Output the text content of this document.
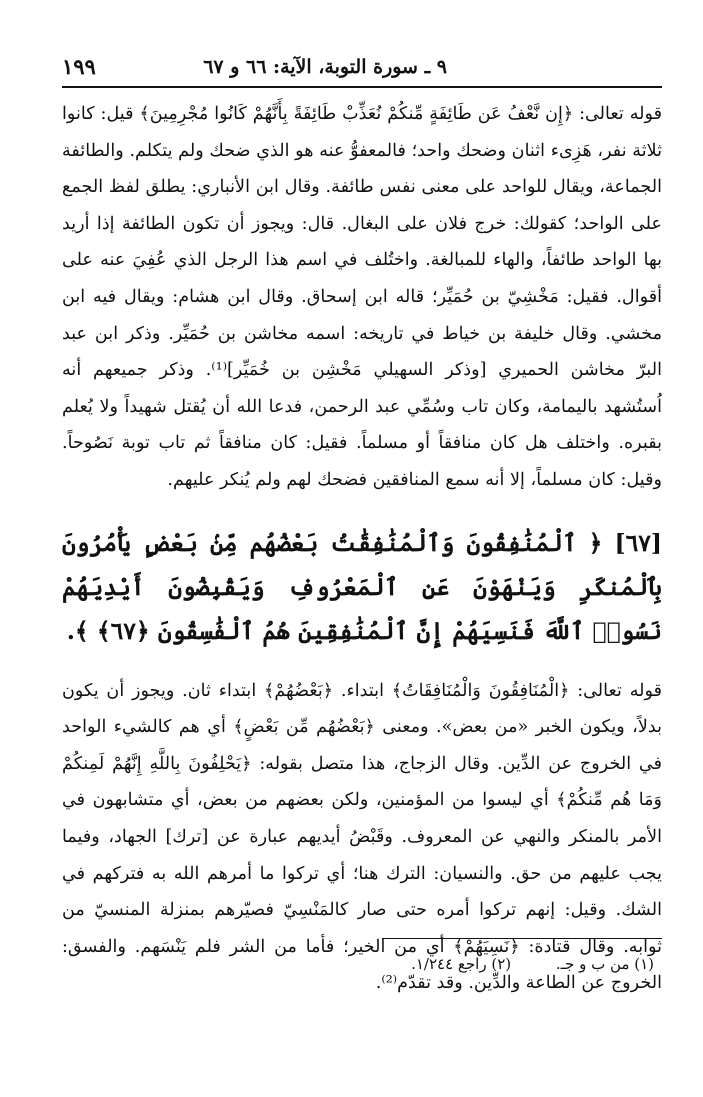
٩ ـ سورة التوبة، الآية: ٦٦ و ٦٧
١٩٩

قوله تعالى: ﴿إِن نَّعْفُ عَن طَائِفَةٍ مِّنكُمْ نُعَذِّبْ طَائِفَةً بِأَنَّهُمْ كَانُوا مُجْرِمِينَ﴾ قيل: كانوا ثلاثة نفر، هَزِىء اثنان وضحك واحد؛ فالمعفوُّ عنه هو الذي ضحك ولم يتكلم. والطائفة الجماعة، ويقال للواحد على معنى نفس طائفة. وقال ابن الأنباري: يطلق لفظ الجمع على الواحد؛ كقولك: خرج فلان على البغال. قال: ويجوز أن تكون الطائفة إذا أريد بها الواحد طائفاً، والهاء للمبالغة. واختُلف في اسم هذا الرجل الذي عُفِيَ عنه على أقوال. فقيل: مَخْشِيّ بن حُمَيِّر؛ قاله ابن إسحاق. وقال ابن هشام: ويقال فيه ابن مخشي. وقال خليفة بن خياط في تاريخه: اسمه مخاشن بن حُمَيِّر. وذكر ابن عبد البرّ مخاشن الحميري [وذكر السهيلي مَخْشِن بن خُمَيِّر]⁽¹⁾. وذكر جميعهم أنه اُستُشهد باليمامة، وكان تاب وسُمِّي عبد الرحمن، فدعا الله أن يُقتل شهيداً ولا يُعلم بقبره. واختلف هل كان منافقاً أو مسلماً. فقيل: كان منافقاً ثم تاب توبة نَصُوحاً. وقيل: كان مسلماً، إلا أنه سمع المنافقين فضحك لهم ولم يُنكر عليهم.

[٦٧] ﴿ ٱلْمُنَٰفِقُونَ وَٱلْمُنَٰفِقَٰتُ بَعْضُهُم مِّنۢ بَعْضٍ يَأْمُرُونَ بِٱلْمُنكَرِ وَيَنْهَوْنَ عَنِ ٱلْمَعْرُوفِ وَيَقْبِضُونَ أَيْدِيَهُمْ نَسُوا۟ ٱللَّهَ فَنَسِيَهُمْ إِنَّ ٱلْمُنَٰفِقِينَ هُمُ ٱلْفَٰسِقُونَ ﴿٦٧﴾ ﴾.

قوله تعالى: ﴿الْمُنَافِقُونَ وَالْمُنَافِقَاتُ﴾ ابتداء. ﴿بَعْضُهُمْ﴾ ابتداء ثان. ويجوز أن يكون بدلاً، ويكون الخبر «من بعض». ومعنى ﴿بَعْضُهُم مِّن بَعْضٍ﴾ أي هم كالشيء الواحد في الخروج عن الدِّين. وقال الزجاج، هذا متصل بقوله: ﴿يَحْلِفُونَ بِاللَّهِ إِنَّهُمْ لَمِنكُمْ وَمَا هُم مِّنكُمْ﴾ أي ليسوا من المؤمنين، ولكن بعضهم من بعض، أي متشابهون في الأمر بالمنكر والنهي عن المعروف. وقَبْضُ أيديهم عبارة عن [ترك] الجهاد، وفيما يجب عليهم من حق. والنسيان: الترك هنا؛ أي تركوا ما أمرهم الله به فتركهم في الشك. وقيل: إنهم تركوا أمره حتى صار كالمَنْسِيّ فصيّرهم بمنزلة المنسيّ من ثوابه. وقال قتادة: ﴿نَسِيَهُمْ﴾ أي من الخير؛ فأما من الشر فلم يَنْسَهم. والفسق: الخروج عن الطاعة والدِّين. وقد تقدّم⁽²⁾.

(١) من ب و جـ. (٢) راجع ١/٢٤٤.
